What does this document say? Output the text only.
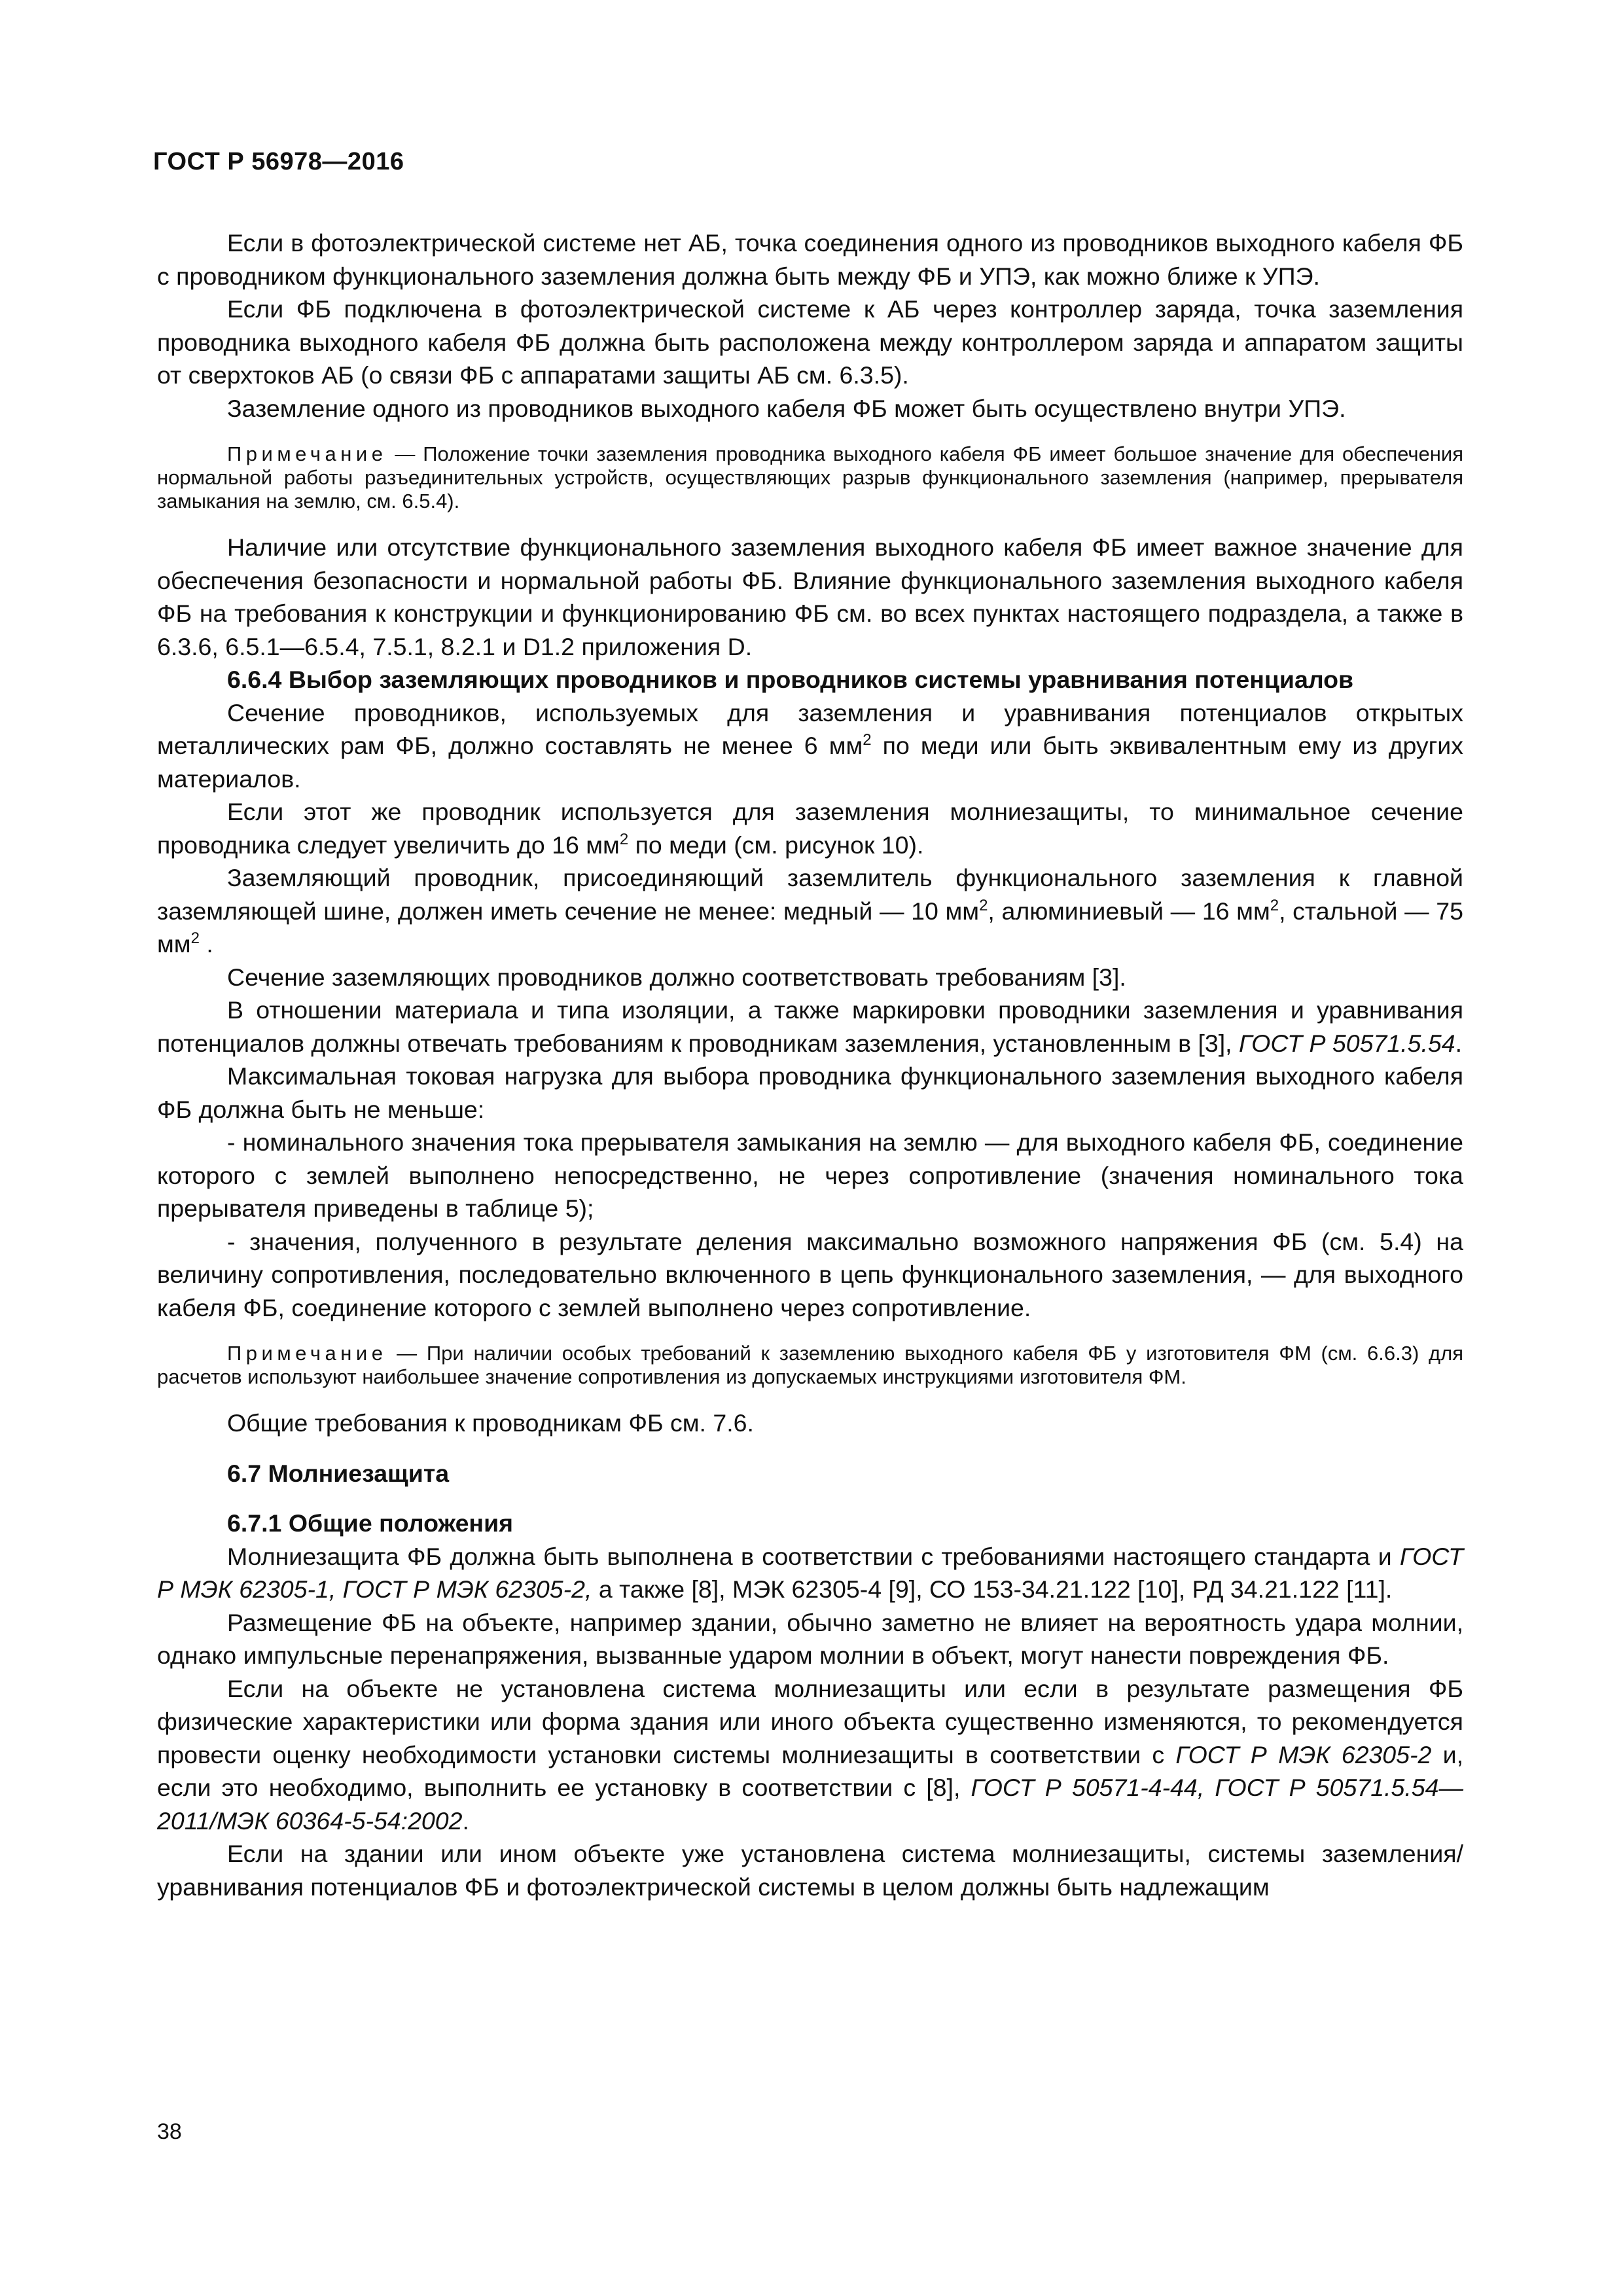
ГОСТ Р 56978—2016

Если в фотоэлектрической системе нет АБ, точка соединения одного из проводников выходного кабеля ФБ с проводником функционального заземления должна быть между ФБ и УПЭ, как можно ближе к УПЭ.

Если ФБ подключена в фотоэлектрической системе к АБ через контроллер заряда, точка заземления проводника выходного кабеля ФБ должна быть расположена между контроллером заряда и аппаратом защиты от сверхтоков АБ (о связи ФБ с аппаратами защиты АБ см. 6.3.5).

Заземление одного из проводников выходного кабеля ФБ может быть осуществлено внутри УПЭ.

Примечание — Положение точки заземления проводника выходного кабеля ФБ имеет большое значение для обеспечения нормальной работы разъединительных устройств, осуществляющих разрыв функционального заземления (например, прерывателя замыкания на землю, см. 6.5.4).

Наличие или отсутствие функционального заземления выходного кабеля ФБ имеет важное значение для обеспечения безопасности и нормальной работы ФБ. Влияние функционального заземления выходного кабеля ФБ на требования к конструкции и функционированию ФБ см. во всех пунктах настоящего подраздела, а также в 6.3.6, 6.5.1—6.5.4, 7.5.1, 8.2.1 и D1.2 приложения D.

6.6.4 Выбор заземляющих проводников и проводников системы уравнивания потенциалов

Сечение проводников, используемых для заземления и уравнивания потенциалов открытых металлических рам ФБ, должно составлять не менее 6 $мм^2$ по меди или быть эквивалентным ему из других материалов.

Если этот же проводник используется для заземления молниезащиты, то минимальное сечение проводника следует увеличить до 16 $мм^2$ по меди (см. рисунок 10).

Заземляющий проводник, присоединяющий заземлитель функционального заземления к главной заземляющей шине, должен иметь сечение не менее: медный — 10 $мм^2$, алюминиевый — 16 $мм^2$, стальной — 75 $мм^2$ .

Сечение заземляющих проводников должно соответствовать требованиям [3].

В отношении материала и типа изоляции, а также маркировки проводники заземления и уравнивания потенциалов должны отвечать требованиям к проводникам заземления, установленным в [3], ГОСТ Р 50571.5.54.

Максимальная токовая нагрузка для выбора проводника функционального заземления выходного кабеля ФБ должна быть не меньше:

- номинального значения тока прерывателя замыкания на землю — для выходного кабеля ФБ, соединение которого с землей выполнено непосредственно, не через сопротивление (значения номинального тока прерывателя приведены в таблице 5);

- значения, полученного в результате деления максимально возможного напряжения ФБ (см. 5.4) на величину сопротивления, последовательно включенного в цепь функционального заземления, — для выходного кабеля ФБ, соединение которого с землей выполнено через сопротивление.

Примечание — При наличии особых требований к заземлению выходного кабеля ФБ у изготовителя ФМ (см. 6.6.3) для расчетов используют наибольшее значение сопротивления из допускаемых инструкциями изготовителя ФМ.

Общие требования к проводникам ФБ см. 7.6.

6.7 Молниезащита
6.7.1 Общие положения

Молниезащита ФБ должна быть выполнена в соответствии с требованиями настоящего стандарта и ГОСТ Р МЭК 62305-1, ГОСТ Р МЭК 62305-2, а также [8], МЭК 62305-4 [9], СО 153-34.21.122 [10], РД 34.21.122 [11].

Размещение ФБ на объекте, например здании, обычно заметно не влияет на вероятность удара молнии, однако импульсные перенапряжения, вызванные ударом молнии в объект, могут нанести повреждения ФБ.

Если на объекте не установлена система молниезащиты или если в результате размещения ФБ физические характеристики или форма здания или иного объекта существенно изменяются, то рекомендуется провести оценку необходимости установки системы молниезащиты в соответствии с ГОСТ Р МЭК 62305-2 и, если это необходимо, выполнить ее установку в соответствии с [8], ГОСТ Р 50571-4-44, ГОСТ Р 50571.5.54—2011/МЭК 60364-5-54:2002.

Если на здании или ином объекте уже установлена система молниезащиты, системы заземления/ уравнивания потенциалов ФБ и фотоэлектрической системы в целом должны быть надлежащим

38
